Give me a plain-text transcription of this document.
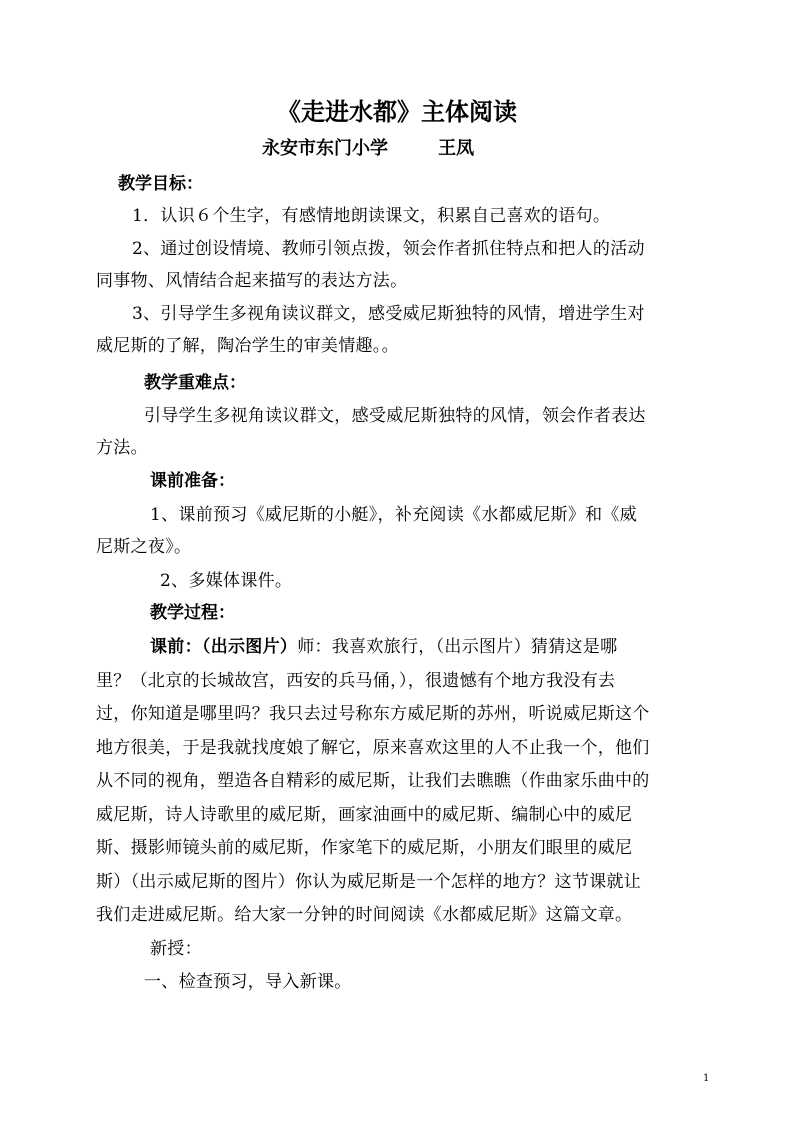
《走进水都》主体阅读
永安市东门小学        王凤
教学目标：
1．认识６个生字，有感情地朗读课文，积累自己喜欢的语句。
2、通过创设情境、教师引领点拨，领会作者抓住特点和把人的活动
同事物、风情结合起来描写的表达方法。
3、引导学生多视角读议群文，感受威尼斯独特的风情，增进学生对
威尼斯的了解，陶冶学生的审美情趣。。
教学重难点：
引导学生多视角读议群文，感受威尼斯独特的风情，领会作者表达
方法。
课前准备：
1、课前预习《威尼斯的小艇》，补充阅读《水都威尼斯》和《威
尼斯之夜》。
2、多媒体课件。
教学过程：
课前：（出示图片）师：我喜欢旅行，（出示图片）猜猜这是哪
里？（北京的长城故宫，西安的兵马俑，），很遗憾有个地方我没有去
过，你知道是哪里吗？我只去过号称东方威尼斯的苏州，听说威尼斯这个
地方很美，于是我就找度娘了解它，原来喜欢这里的人不止我一个，他们
从不同的视角，塑造各自精彩的威尼斯，让我们去瞧瞧（作曲家乐曲中的
威尼斯，诗人诗歌里的威尼斯，画家油画中的威尼斯、编制心中的威尼
斯、摄影师镜头前的威尼斯，作家笔下的威尼斯，小朋友们眼里的威尼
斯）（出示威尼斯的图片）你认为威尼斯是一个怎样的地方？这节课就让
我们走进威尼斯。给大家一分钟的时间阅读《水都威尼斯》这篇文章。
新授：
一、检查预习，导入新课。
1
